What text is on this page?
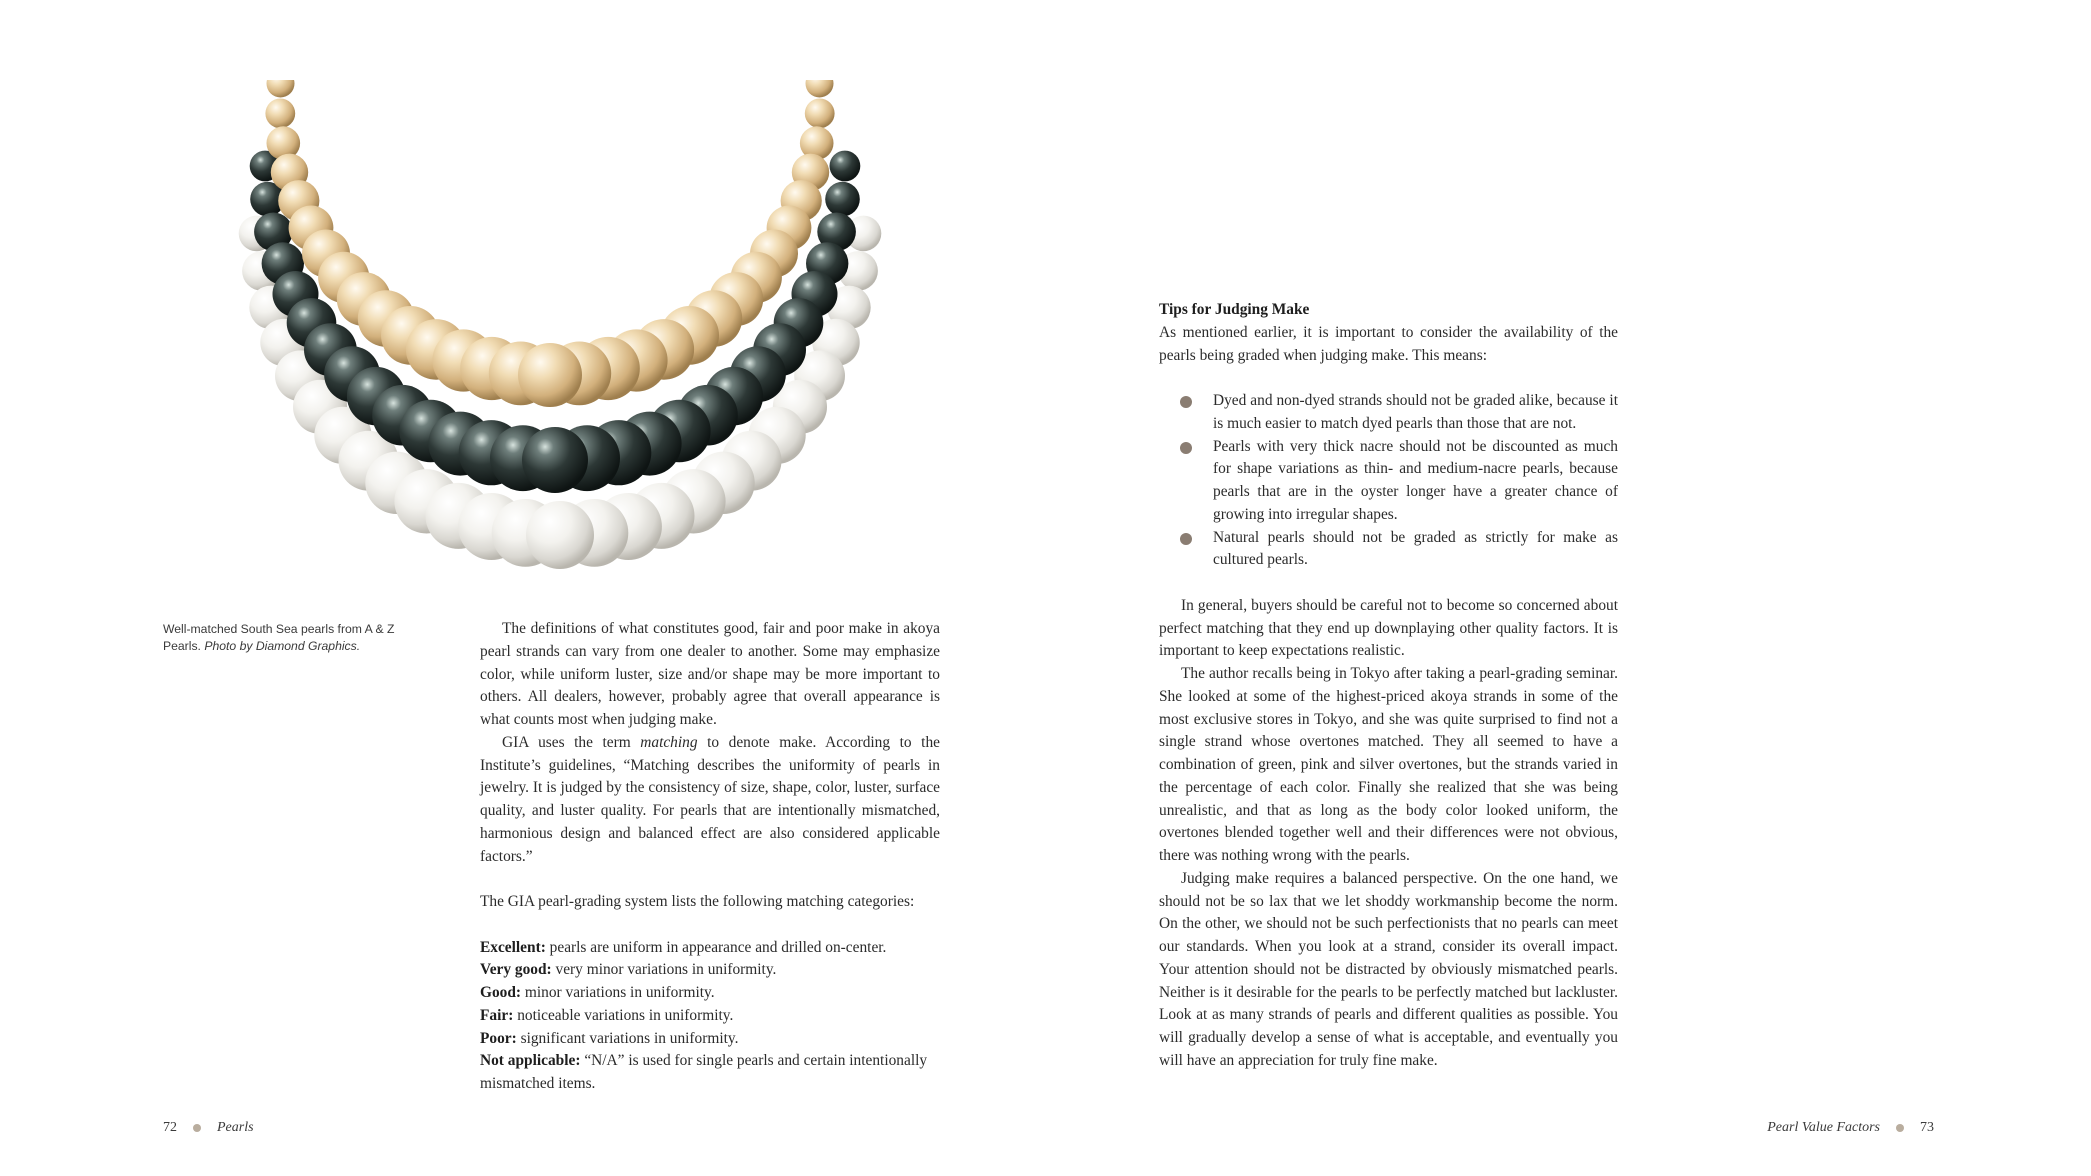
Well-matched South Sea pearls from A & Z Pearls. Photo by Diamond Graphics.

The definitions of what constitutes good, fair and poor make in akoya pearl strands can vary from one dealer to another. Some may emphasize color, while uniform luster, size and/or shape may be more important to others. All dealers, however, probably agree that overall appearance is what counts most when judging make.

GIA uses the term matching to denote make. According to the Institute’s guidelines, “Matching describes the uniformity of pearls in jewelry. It is judged by the consistency of size, shape, color, luster, surface quality, and luster quality. For pearls that are intentionally mismatched, harmonious design and balanced effect are also considered applicable factors.”

The GIA pearl-grading system lists the following matching categories:

Excellent: pearls are uniform in appearance and drilled on-center.

Very good: very minor variations in uniformity.

Good: minor variations in uniformity.

Fair: noticeable variations in uniformity.

Poor: significant variations in uniformity.

Not applicable: “N/A” is used for single pearls and certain intentionally mismatched items.

72	Pearls

Tips for Judging Make

As mentioned earlier, it is important to consider the availability of the pearls being graded when judging make. This means:

Dyed and non-dyed strands should not be graded alike, because it is much easier to match dyed pearls than those that are not.
Pearls with very thick nacre should not be discounted as much for shape variations as thin- and medium-nacre pearls, because pearls that are in the oyster longer have a greater chance of growing into irregular shapes.
Natural pearls should not be graded as strictly for make as cultured pearls.

In general, buyers should be careful not to become so concerned about perfect matching that they end up downplaying other quality factors. It is important to keep expectations realistic.

The author recalls being in Tokyo after taking a pearl-grading seminar. She looked at some of the highest-priced akoya strands in some of the most exclusive stores in Tokyo, and she was quite surprised to find not a single strand whose overtones matched. They all seemed to have a combination of green, pink and silver overtones, but the strands varied in the percentage of each color. Finally she realized that she was being unrealistic, and that as long as the body color looked uniform, the overtones blended together well and their differences were not obvious, there was nothing wrong with the pearls.

Judging make requires a balanced perspective. On the one hand, we should not be so lax that we let shoddy workmanship become the norm. On the other, we should not be such perfectionists that no pearls can meet our standards. When you look at a strand, consider its overall impact. Your attention should not be distracted by obviously mismatched pearls. Neither is it desirable for the pearls to be perfectly matched but lackluster. Look at as many strands of pearls and different qualities as possible. You will gradually develop a sense of what is acceptable, and eventually you will have an appreciation for truly fine make.

Pearl Value Factors	73
